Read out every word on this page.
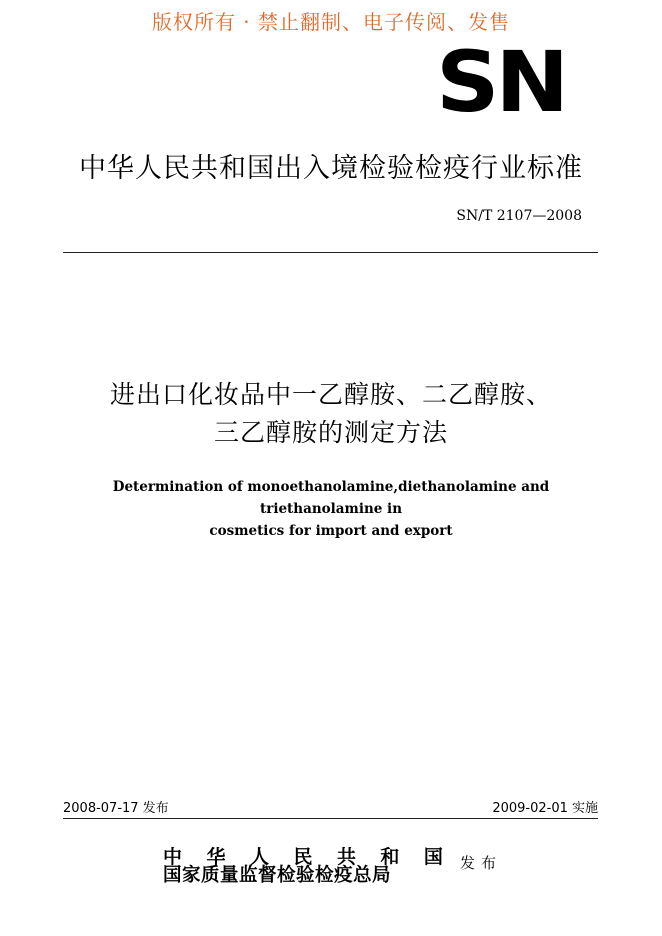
版权所有 · 禁止翻制、电子传阅、发售
SN
中华人民共和国出入境检验检疫行业标准
SN/T 2107—2008
进出口化妆品中一乙醇胺、二乙醇胺、
三乙醇胺的测定方法
Determination of monoethanolamine,diethanolamine and triethanolamine in
cosmetics for import and export
2008-07-17 发布	2009-02-01 实施
中 华 人 民 共 和 国
国家质量监督检验检疫总局
发布
